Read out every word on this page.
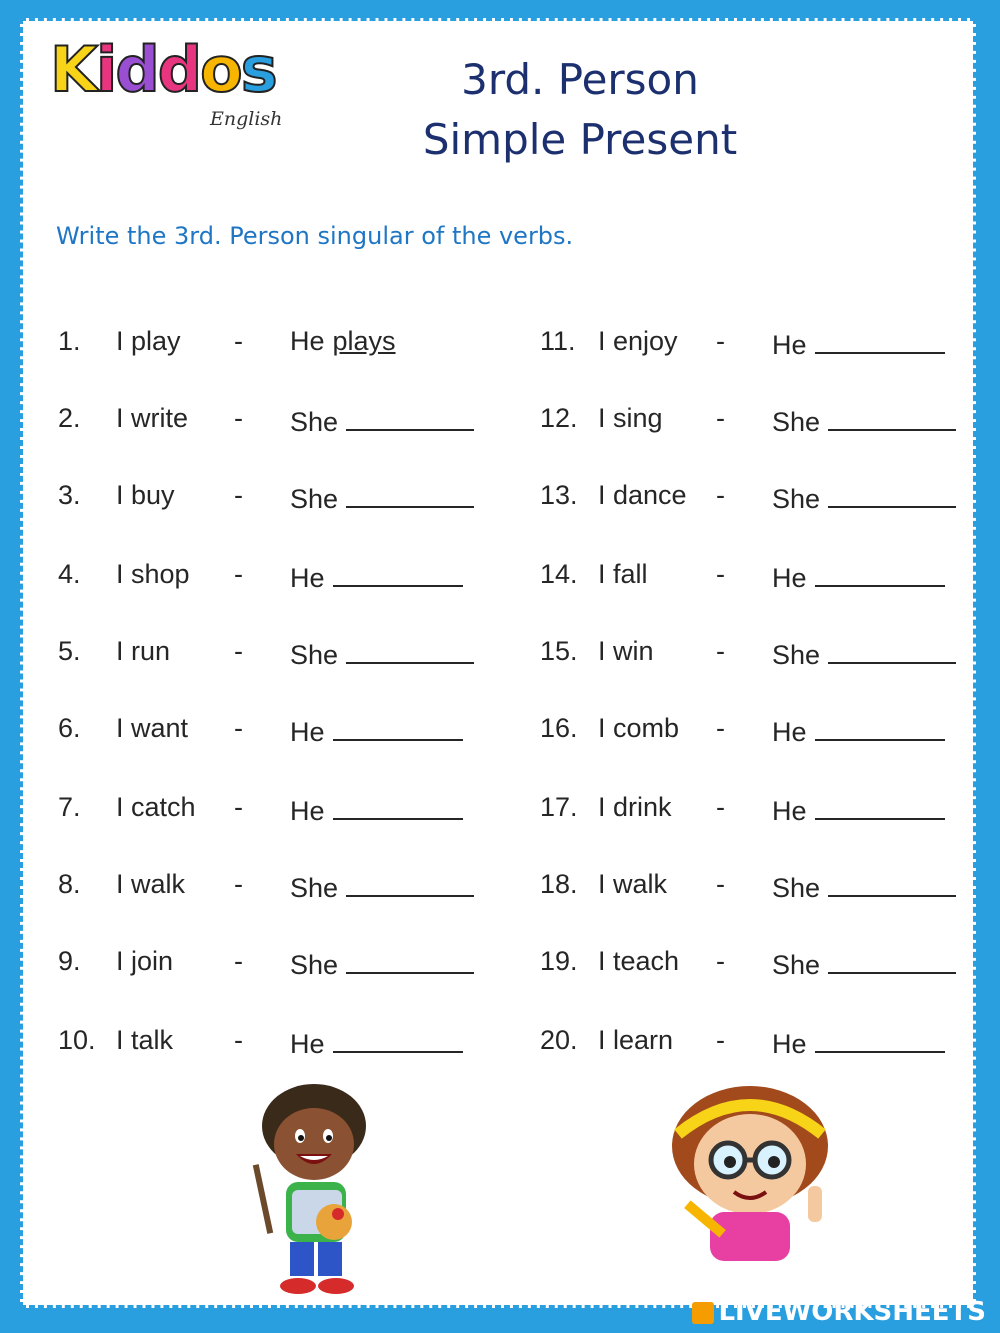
Kiddos
English
3rd. Person
Simple Present
Write the 3rd. Person singular of the verbs.
1. I play - He plays
2. I write - She
3. I buy - She
4. I shop - He
5. I run - She
6. I want - He
7. I catch - He
8. I walk - She
9. I join - She
10. I talk - He
11. I enjoy - He
12. I sing - She
13. I dance - She
14. I fall	- He
15. I win - She
16. I comb - He
17. I drink - He
18. I walk - She
19. I teach - She
20. I learn - He
LIVEWORKSHEETS
